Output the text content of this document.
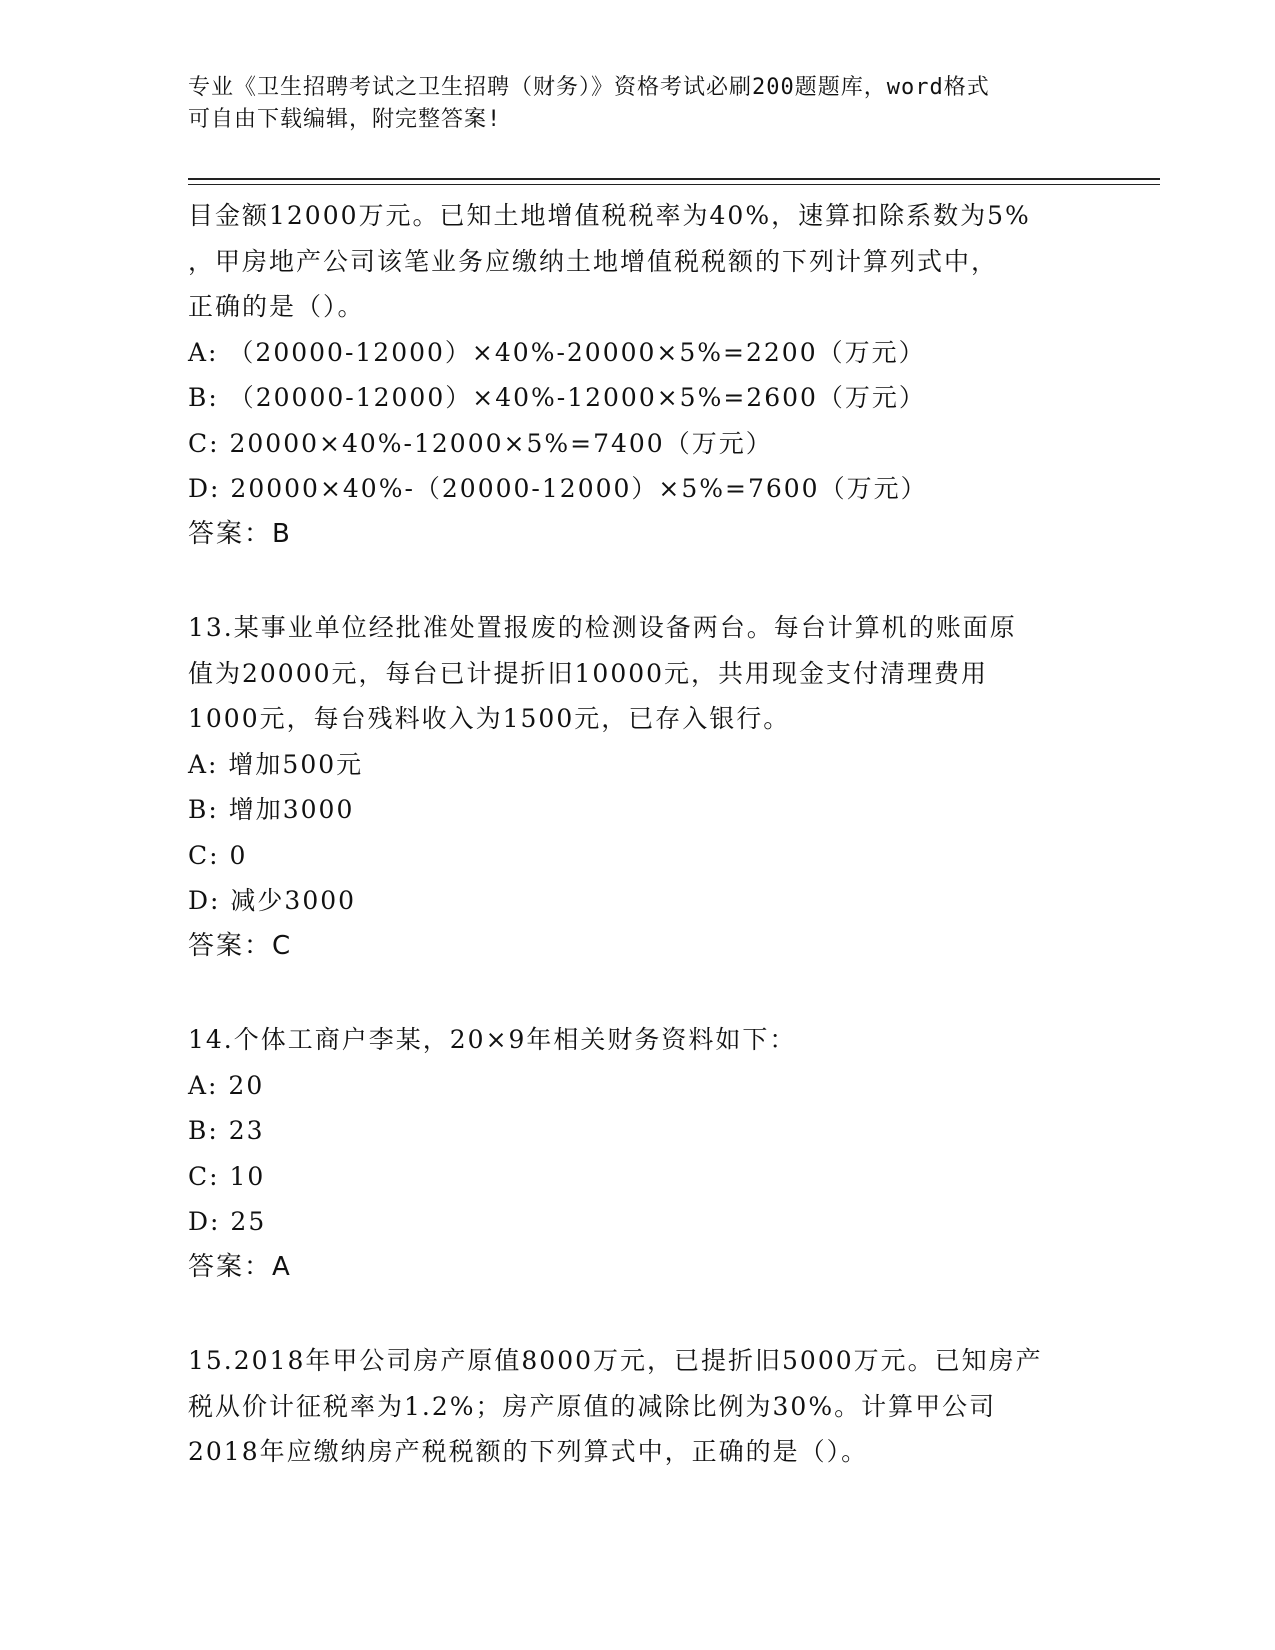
专业《卫生招聘考试之卫生招聘（财务）》资格考试必刷200题题库，word格式
可自由下载编辑，附完整答案!
目金额12000万元。已知土地增值税税率为40%，速算扣除系数为5%
，甲房地产公司该笔业务应缴纳土地增值税税额的下列计算列式中，
正确的是（）。
A: （20000-12000）×40%-20000×5%=2200（万元）
B: （20000-12000）×40%-12000×5%=2600（万元）
C: 20000×40%-12000×5%=7400（万元）
D: 20000×40%-（20000-12000）×5%=7600（万元）
答案：B
13.某事业单位经批准处置报废的检测设备两台。每台计算机的账面原
值为20000元，每台已计提折旧10000元，共用现金支付清理费用
1000元，每台残料收入为1500元，已存入银行。
A: 增加500元
B: 增加3000
C: 0
D: 减少3000
答案：C
14.个体工商户李某，20×9年相关财务资料如下：
A: 20
B: 23
C: 10
D: 25
答案：A
15.2018年甲公司房产原值8000万元，已提折旧5000万元。已知房产
税从价计征税率为1.2%；房产原值的减除比例为30%。计算甲公司
2018年应缴纳房产税税额的下列算式中，正确的是（）。
